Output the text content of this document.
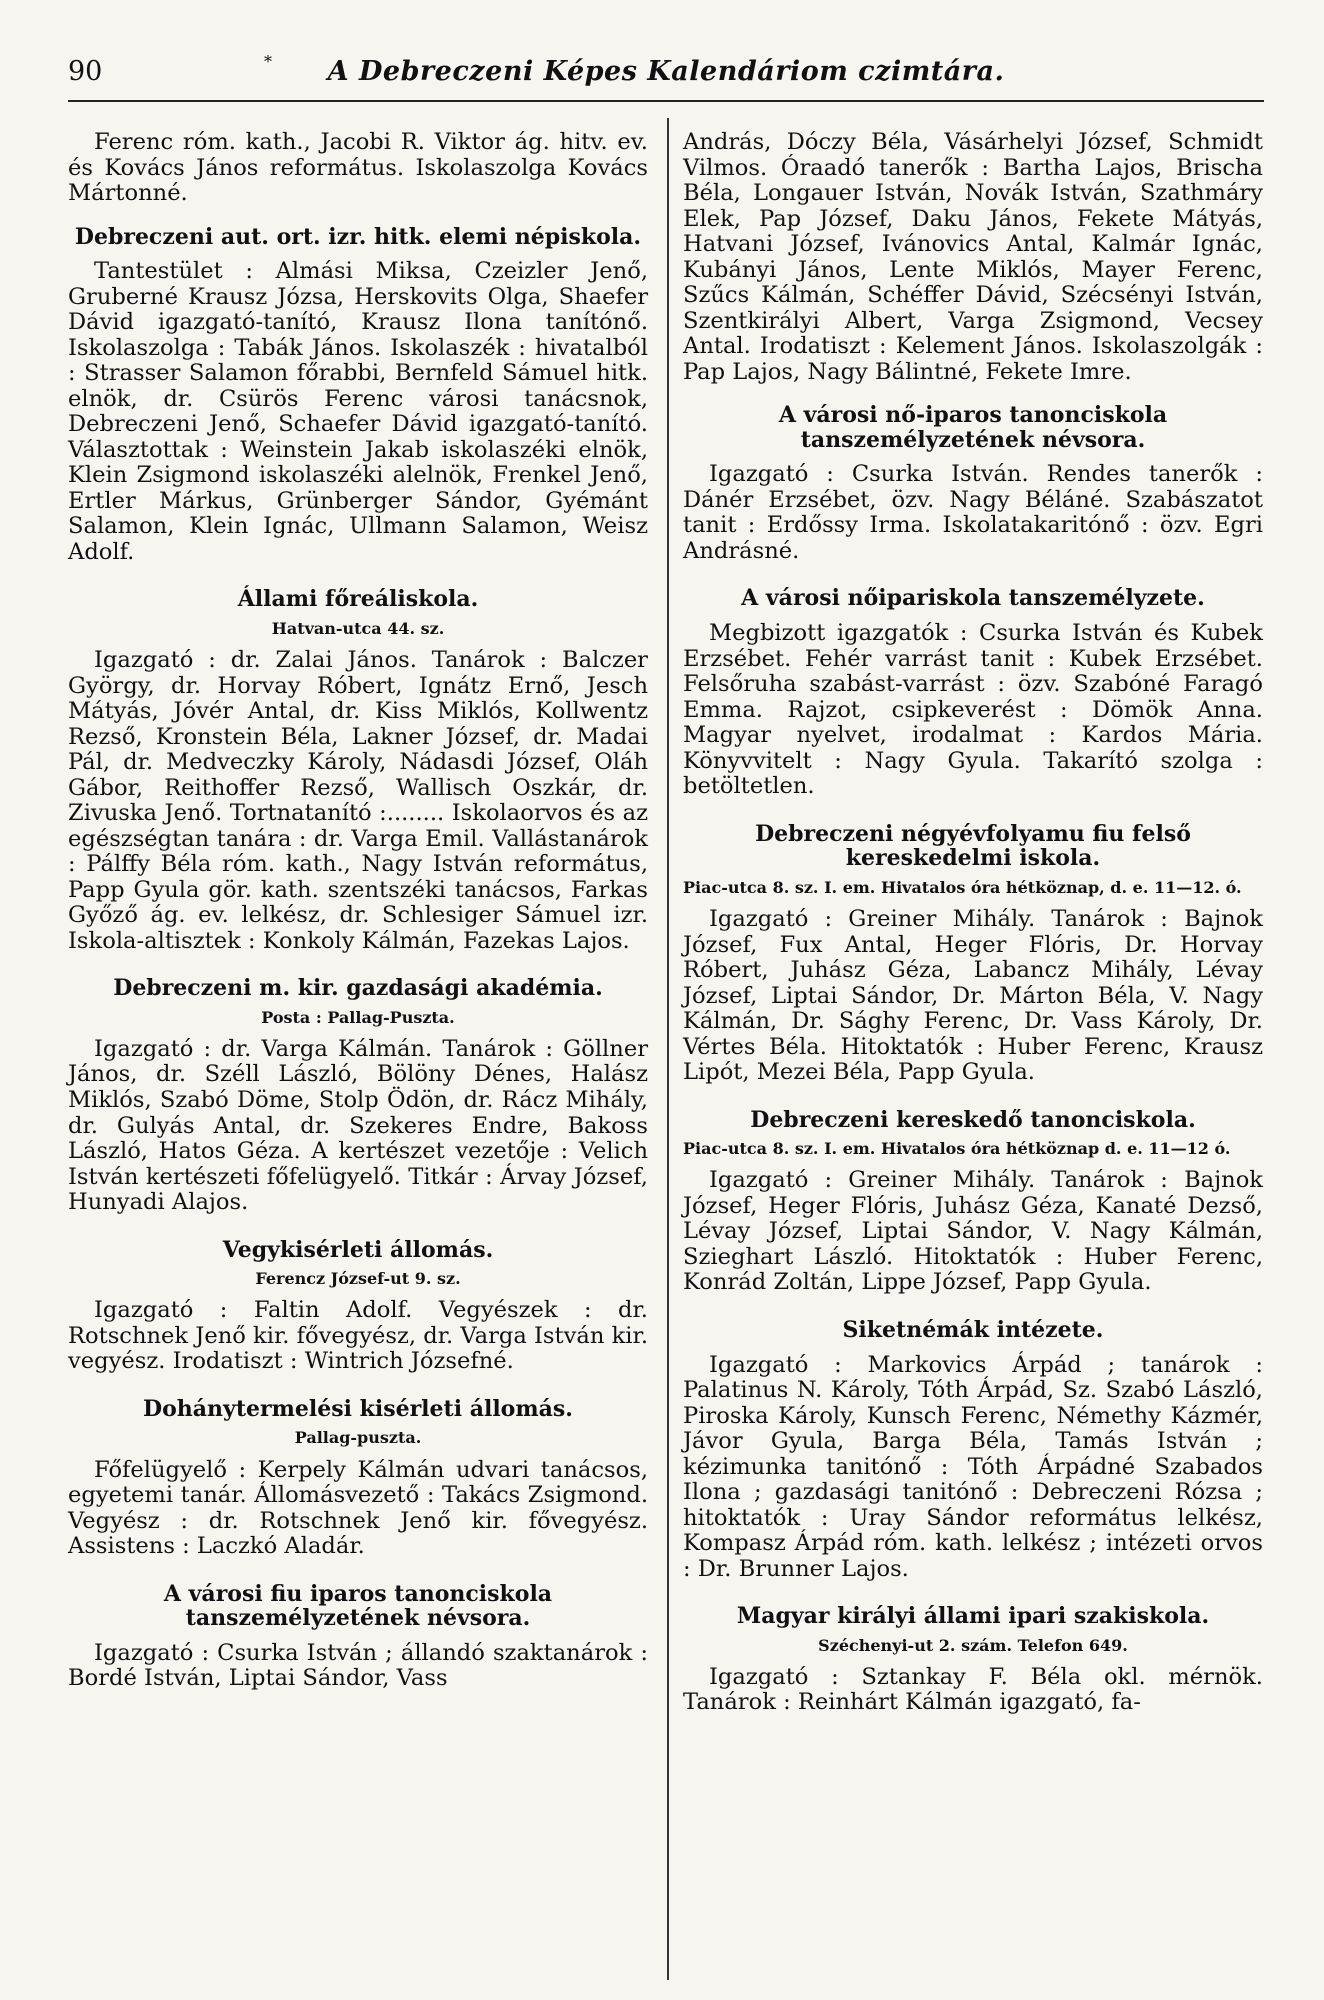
90	*	A Debreczeni Képes Kalendáriom czimtára.

Ferenc róm. kath., Jacobi R. Viktor ág. hitv. ev. és Kovács János református. Iskolaszolga Kovács Mártonné.

Debreczeni aut. ort. izr. hitk. elemi népiskola.

Tantestület : Almási Miksa, Czeizler Jenő, Gruberné Krausz Józsa, Herskovits Olga, Shaefer Dávid igazgató-tanító, Krausz Ilona tanítónő. Iskolaszolga : Tabák János. Iskolaszék : hivatalból : Strasser Salamon főrabbi, Bernfeld Sámuel hitk. elnök, dr. Csürös Ferenc városi tanácsnok, Debreczeni Jenő, Schaefer Dávid igazgató-tanító. Választottak : Weinstein Jakab iskolaszéki elnök, Klein Zsigmond iskolaszéki alelnök, Frenkel Jenő, Ertler Márkus, Grünberger Sándor, Gyémánt Salamon, Klein Ignác, Ullmann Salamon, Weisz Adolf.

Állami főreáliskola.
Hatvan-utca 44. sz.

Igazgató : dr. Zalai János. Tanárok : Balczer György, dr. Horvay Róbert, Ignátz Ernő, Jesch Mátyás, Jóvér Antal, dr. Kiss Miklós, Kollwentz Rezső, Kronstein Béla, Lakner József, dr. Madai Pál, dr. Medveczky Károly, Nádasdi József, Oláh Gábor, Reithoffer Rezső, Wallisch Oszkár, dr. Zivuska Jenő. Tortnatanító :........ Iskolaorvos és az egészségtan tanára : dr. Varga Emil. Vallástanárok : Pálffy Béla róm. kath., Nagy István református, Papp Gyula gör. kath. szentszéki tanácsos, Farkas Győző ág. ev. lelkész, dr. Schlesiger Sámuel izr. Iskola-altisztek : Konkoly Kálmán, Fazekas Lajos.

Debreczeni m. kir. gazdasági akadémia.
Posta : Pallag-Puszta.

Igazgató : dr. Varga Kálmán. Tanárok : Göllner János, dr. Széll László, Bölöny Dénes, Halász Miklós, Szabó Döme, Stolp Ödön, dr. Rácz Mihály, dr. Gulyás Antal, dr. Szekeres Endre, Bakoss László, Hatos Géza. A kertészet vezetője : Velich István kertészeti főfelügyelő. Titkár : Árvay József, Hunyadi Alajos.

Vegykisérleti állomás.
Ferencz József-ut 9. sz.

Igazgató : Faltin Adolf. Vegyészek : dr. Rotschnek Jenő kir. fővegyész, dr. Varga István kir. vegyész. Irodatiszt : Wintrich Józsefné.

Dohánytermelési kisérleti állomás.
Pallag-puszta.

Főfelügyelő : Kerpely Kálmán udvari tanácsos, egyetemi tanár. Állomásvezető : Takács Zsigmond. Vegyész : dr. Rotschnek Jenő kir. fővegyész. Assistens : Laczkó Aladár.

A városi fiu iparos tanonciskola tanszemélyzetének névsora.

Igazgató : Csurka István ; állandó szaktanárok : Bordé István, Liptai Sándor, Vass

András, Dóczy Béla, Vásárhelyi József, Schmidt Vilmos. Óraadó tanerők : Bartha Lajos, Brischa Béla, Longauer István, Novák István, Szathmáry Elek, Pap József, Daku János, Fekete Mátyás, Hatvani József, Ivánovics Antal, Kalmár Ignác, Kubányi János, Lente Miklós, Mayer Ferenc, Szűcs Kálmán, Schéffer Dávid, Szécsényi István, Szentkirályi Albert, Varga Zsigmond, Vecsey Antal. Irodatiszt : Kelement János. Iskolaszolgák : Pap Lajos, Nagy Bálintné, Fekete Imre.

A városi nő-iparos tanonciskola tanszemélyzetének névsora.

Igazgató : Csurka István. Rendes tanerők : Dánér Erzsébet, özv. Nagy Béláné. Szabászatot tanit : Erdőssy Irma. Iskolatakaritónő : özv. Egri Andrásné.

A városi nőipariskola tanszemélyzete.

Megbizott igazgatók : Csurka István és Kubek Erzsébet. Fehér varrást tanit : Kubek Erzsébet. Felsőruha szabást-varrást : özv. Szabóné Faragó Emma. Rajzot, csipkeverést : Dömök Anna. Magyar nyelvet, irodalmat : Kardos Mária. Könyvvitelt : Nagy Gyula. Takarító szolga : betöltetlen.

Debreczeni négyévfolyamu fiu felső kereskedelmi iskola.
Piac-utca 8. sz. I. em. Hivatalos óra hétköznap, d. e. 11—12. ó.

Igazgató : Greiner Mihály. Tanárok : Bajnok József, Fux Antal, Heger Flóris, Dr. Horvay Róbert, Juhász Géza, Labancz Mihály, Lévay József, Liptai Sándor, Dr. Márton Béla, V. Nagy Kálmán, Dr. Sághy Ferenc, Dr. Vass Károly, Dr. Vértes Béla. Hitoktatók : Huber Ferenc, Krausz Lipót, Mezei Béla, Papp Gyula.

Debreczeni kereskedő tanonciskola.
Piac-utca 8. sz. I. em. Hivatalos óra hétköznap d. e. 11—12 ó.

Igazgató : Greiner Mihály. Tanárok : Bajnok József, Heger Flóris, Juhász Géza, Kanaté Dezső, Lévay József, Liptai Sándor, V. Nagy Kálmán, Szieghart László. Hitoktatók : Huber Ferenc, Konrád Zoltán, Lippe József, Papp Gyula.

Siketnémák intézete.

Igazgató : Markovics Árpád ; tanárok : Palatinus N. Károly, Tóth Árpád, Sz. Szabó László, Piroska Károly, Kunsch Ferenc, Némethy Kázmér, Jávor Gyula, Barga Béla, Tamás István ; kézimunka tanitónő : Tóth Árpádné Szabados Ilona ; gazdasági tanitónő : Debreczeni Rózsa ; hitoktatók : Uray Sándor református lelkész, Kompasz Árpád róm. kath. lelkész ; intézeti orvos : Dr. Brunner Lajos.

Magyar királyi állami ipari szakiskola.
Széchenyi-ut 2. szám. Telefon 649.

Igazgató : Sztankay F. Béla okl. mérnök. Tanárok : Reinhárt Kálmán igazgató, fa-
